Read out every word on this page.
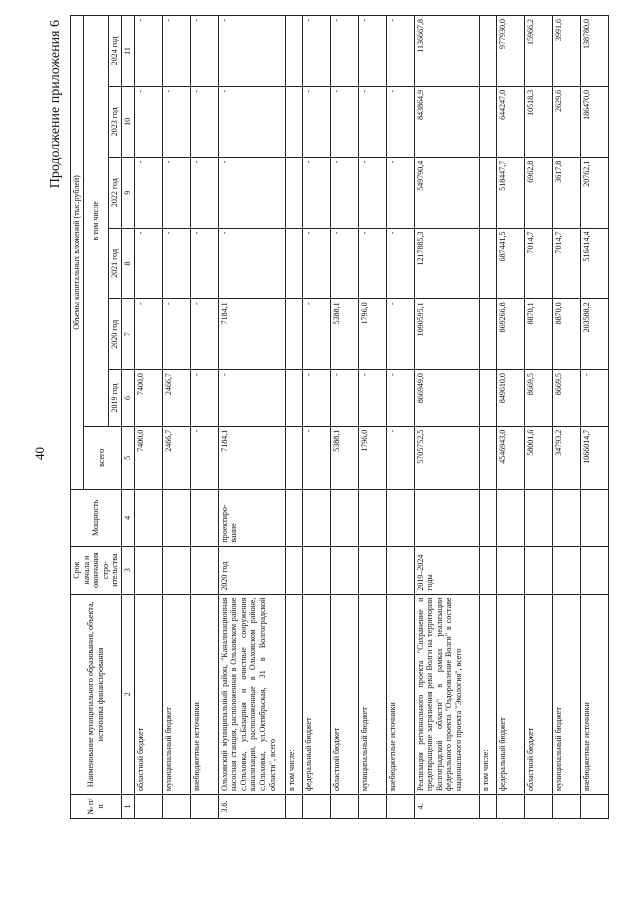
40
Продолжение приложения 6
№ п/п	Наименование муниципального образования, объекта, источника финансирования	Срок начала и окончания строительства	Мощность	Объемы капитальных вложений (тыс.рублей)						
				всего	в том числе					
					2019 год	2020 год	2021 год	2022 год	2023 год	2024 год
1	2	3	4	5	6	7	8	9	10	11
	областной бюджет			7400,0	7400,0	-	-	-	-	-
	муниципальный бюджет			2466,7	2466,7	-	-	-	-	-
	внебюджетные источники			-	-	-	-	-	-	-
3.6.	Ольховский муниципальный район, "Канализационная насосная станция, расположенная в Ольховском районе с.Ольховка, ул.Базарная и очистные сооружения канализации, расположенные в Ольховском районе, с.Ольховка, ул.Октябрьская, 31 в Волгоградской области", всего	2020 год	проектирование	7184,1	-	7184,1	-	-	-	-
	в том числе:									
	федеральный бюджет			-	-	-	-	-	-	-
	областной бюджет			5388,1	-	5388,1	-	-	-	-
	муниципальный бюджет			1796,0	-	1796,0	-	-	-	-
	внебюджетные источники			-	-	-	-	-	-	-
4.	Реализация регионального проекта "Сохранение и предотвращение загрязнения реки Волги на территории Волгоградской области" в рамках реализации федерального проекта "Оздоровление Волги" в составе национального проекта "Экология", всего	2019–2024 годы		5705752,5	866949,0	1090595,1	1217885,3	549790,4	843864,9	1136667,8
	в том числе:									
	федеральный бюджет			4546943,0	849610,0	869266,8	687441,5	518447,7	644247,0	977930,0
	областной бюджет			58001,6	8669,5	8870,1	7014,7	6962,8	10518,3	15966,2
	муниципальный бюджет			34793,2	8669,5	8870,0	7014,7	3617,8	2629,6	3991,6
	внебюджетные источники			1066014,7	-	203588,2	516414,4	20762,1	186470,0	138780,0
